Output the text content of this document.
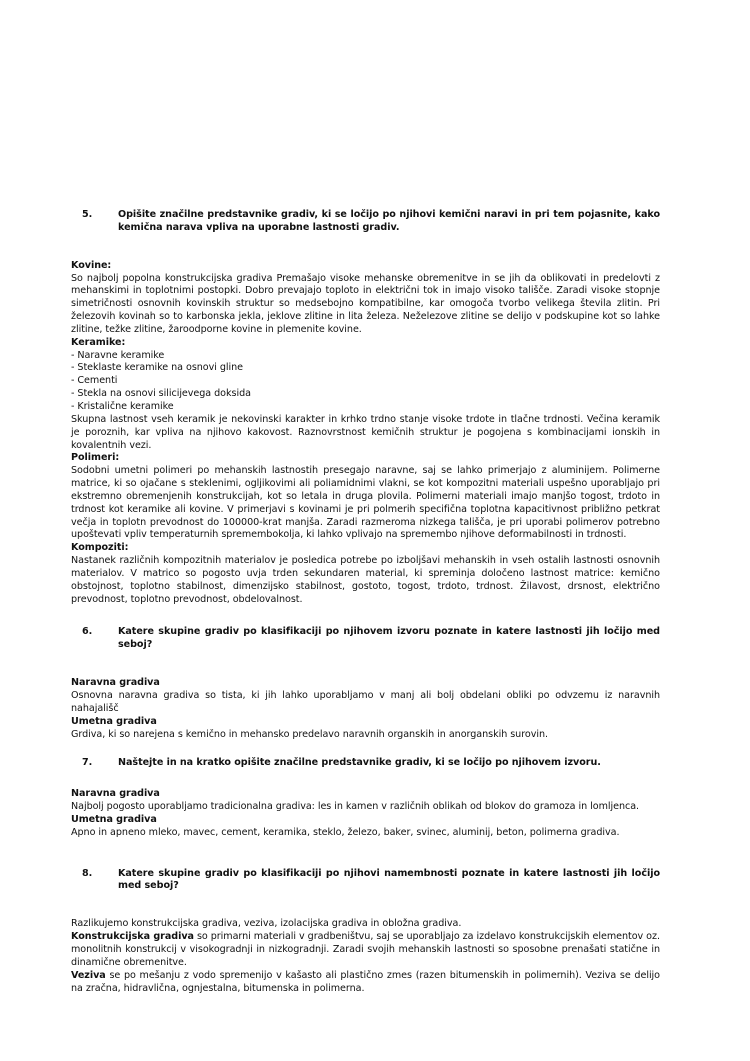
5.	Opišite značilne predstavnike gradiv, ki se ločijo po njihovi kemični naravi in pri tem pojasnite, kako kemična narava vpliva na uporabne lastnosti gradiv.
Kovine:
So najbolj popolna konstrukcijska gradiva Premašajo visoke mehanske obremenitve in se jih da oblikovati in predelovti z mehanskimi in toplotnimi postopki. Dobro prevajajo toploto in električni tok in imajo visoko tališče. Zaradi visoke stopnje simetričnosti osnovnih kovinskih struktur so medsebojno kompatibilne, kar omogoča tvorbo velikega števila zlitin. Pri železovih kovinah so to karbonska jekla, jeklove zlitine in lita železa. Neželezove zlitine se delijo v podskupine kot so lahke zlitine, težke zlitine, žaroodporne kovine in plemenite kovine.
Keramike:
- Naravne keramike
- Steklaste keramike na osnovi gline
- Cementi
- Stekla na osnovi silicijevega doksida
- Kristalične keramike
Skupna lastnost vseh keramik je nekovinski karakter in krhko trdno stanje visoke trdote in tlačne trdnosti. Večina keramik je poroznih, kar vpliva na njihovo kakovost. Raznovrstnost kemičnih struktur je pogojena s kombinacijami ionskih in kovalentnih vezi.
Polimeri:
Sodobni umetni polimeri po mehanskih lastnostih presegajo naravne, saj se lahko primerjajo z aluminijem. Polimerne matrice, ki so ojačane s steklenimi, ogljikovimi ali poliamidnimi vlakni, se kot kompozitni materiali uspešno uporabljajo pri ekstremno obremenjenih konstrukcijah, kot so letala in druga plovila. Polimerni materiali imajo manjšo togost, trdoto in trdnost kot keramike ali kovine. V primerjavi s kovinami je pri polmerih specifična toplotna kapacitivnost približno petkrat večja in toplotn prevodnost do 100000-krat manjša. Zaradi razmeroma nizkega tališča, je pri uporabi polimerov potrebno upoštevati vpliv temperaturnih spremembokolja, ki lahko vplivajo na spremembo njihove deformabilnosti in trdnosti.
Kompoziti:
Nastanek različnih kompozitnih materialov je posledica potrebe po izboljšavi mehanskih in vseh ostalih lastnosti osnovnih materialov. V matrico so pogosto uvja trden sekundaren material, ki spreminja določeno lastnost matrice: kemično obstojnost, toplotno stabilnost, dimenzijsko stabilnost, gostoto, togost, trdoto, trdnost. Žilavost, drsnost, električno prevodnost, toplotno prevodnost, obdelovalnost.
6.	Katere skupine gradiv po klasifikaciji po njihovem izvoru poznate in katere lastnosti jih ločijo med seboj?
Naravna gradiva
Osnovna naravna gradiva so tista, ki jih lahko uporabljamo v manj ali bolj obdelani obliki po odvzemu iz naravnih nahajališč
Umetna gradiva
Grdiva, ki so narejena s kemično in mehansko predelavo naravnih organskih in anorganskih surovin.
7.	Naštejte in na kratko opišite značilne predstavnike gradiv, ki se ločijo po njihovem izvoru.
Naravna gradiva
Najbolj pogosto uporabljamo tradicionalna gradiva: les in kamen v različnih oblikah od blokov do gramoza in lomljenca.
Umetna gradiva
Apno in apneno mleko, mavec, cement, keramika, steklo, železo, baker, svinec, aluminij, beton, polimerna gradiva.
8.	Katere skupine gradiv po klasifikaciji po njihovi namembnosti poznate in katere lastnosti jih ločijo med seboj?
Razlikujemo konstrukcijska gradiva, veziva, izolacijska gradiva in obložna gradiva.
Konstrukcijska gradiva so primarni materiali v gradbeništvu, saj se uporabljajo za izdelavo konstrukcijskih elementov oz. monolitnih konstrukcij v visokogradnji in nizkogradnji. Zaradi svojih mehanskih lastnosti so sposobne prenašati statične in dinamične obremenitve.
Veziva se po mešanju z vodo spremenijo v kašasto ali plastično zmes (razen bitumenskih in polimernih). Veziva se delijo na zračna, hidravlična, ognjestalna, bitumenska in polimerna.
